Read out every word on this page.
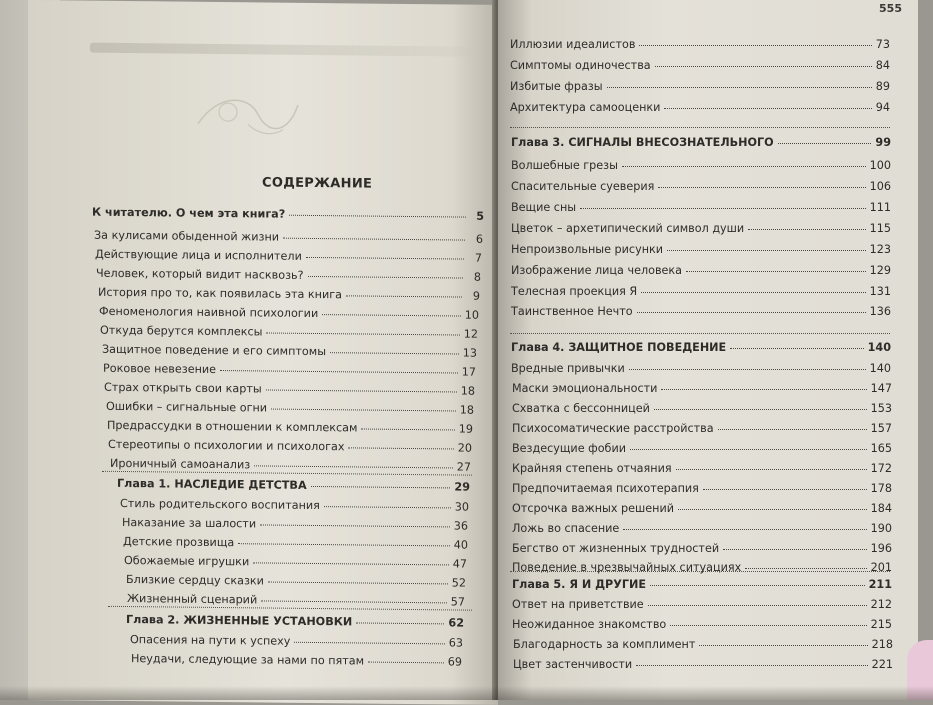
СОДЕРЖАНИЕ
К читателю. О чем эта книга?	5
За кулисами обыденной жизни	6
Действующие лица и исполнители	7
Человек, который видит насквозь?	8
История про то, как появилась эта книга	9
Феноменология наивной психологии	10
Откуда берутся комплексы	12
Защитное поведение и его симптомы	13
Роковое невезение	17
Страх открыть свои карты	18
Ошибки – сигнальные огни	18
Предрассудки в отношении к комплексам	19
Стереотипы о психологии и психологах	20
Ироничный самоанализ	27
Глава 1. НАСЛЕДИЕ ДЕТСТВА	29
Стиль родительского воспитания	30
Наказание за шалости	36
Детские прозвища	40
Обожаемые игрушки	47
Близкие сердцу сказки	52
Жизненный сценарий	57
Глава 2. ЖИЗНЕННЫЕ УСТАНОВКИ	62
Опасения на пути к успеху	63
Неудачи, следующие за нами по пятам	69
555
Иллюзии идеалистов	73
Симптомы одиночества	84
Избитые фразы	89
Архитектура самооценки	94
Глава 3. СИГНАЛЫ ВНЕСОЗНАТЕЛЬНОГО	99
Волшебные грезы	100
Спасительные суеверия	106
Вещие сны	111
Цветок – архетипический символ души	115
Непроизвольные рисунки	123
Изображение лица человека	129
Телесная проекция Я	131
Таинственное Нечто	136
Глава 4. ЗАЩИТНОЕ ПОВЕДЕНИЕ	140
Вредные привычки	140
Маски эмоциональности	147
Схватка с бессонницей	153
Психосоматические расстройства	157
Вездесущие фобии	165
Крайняя степень отчаяния	172
Предпочитаемая психотерапия	178
Отсрочка важных решений	184
Ложь во спасение	190
Бегство от жизненных трудностей	196
Поведение в чрезвычайных ситуациях	201
Глава 5. Я И ДРУГИЕ	211
Ответ на приветствие	212
Неожиданное знакомство	215
Благодарность за комплимент	218
Цвет застенчивости	221
